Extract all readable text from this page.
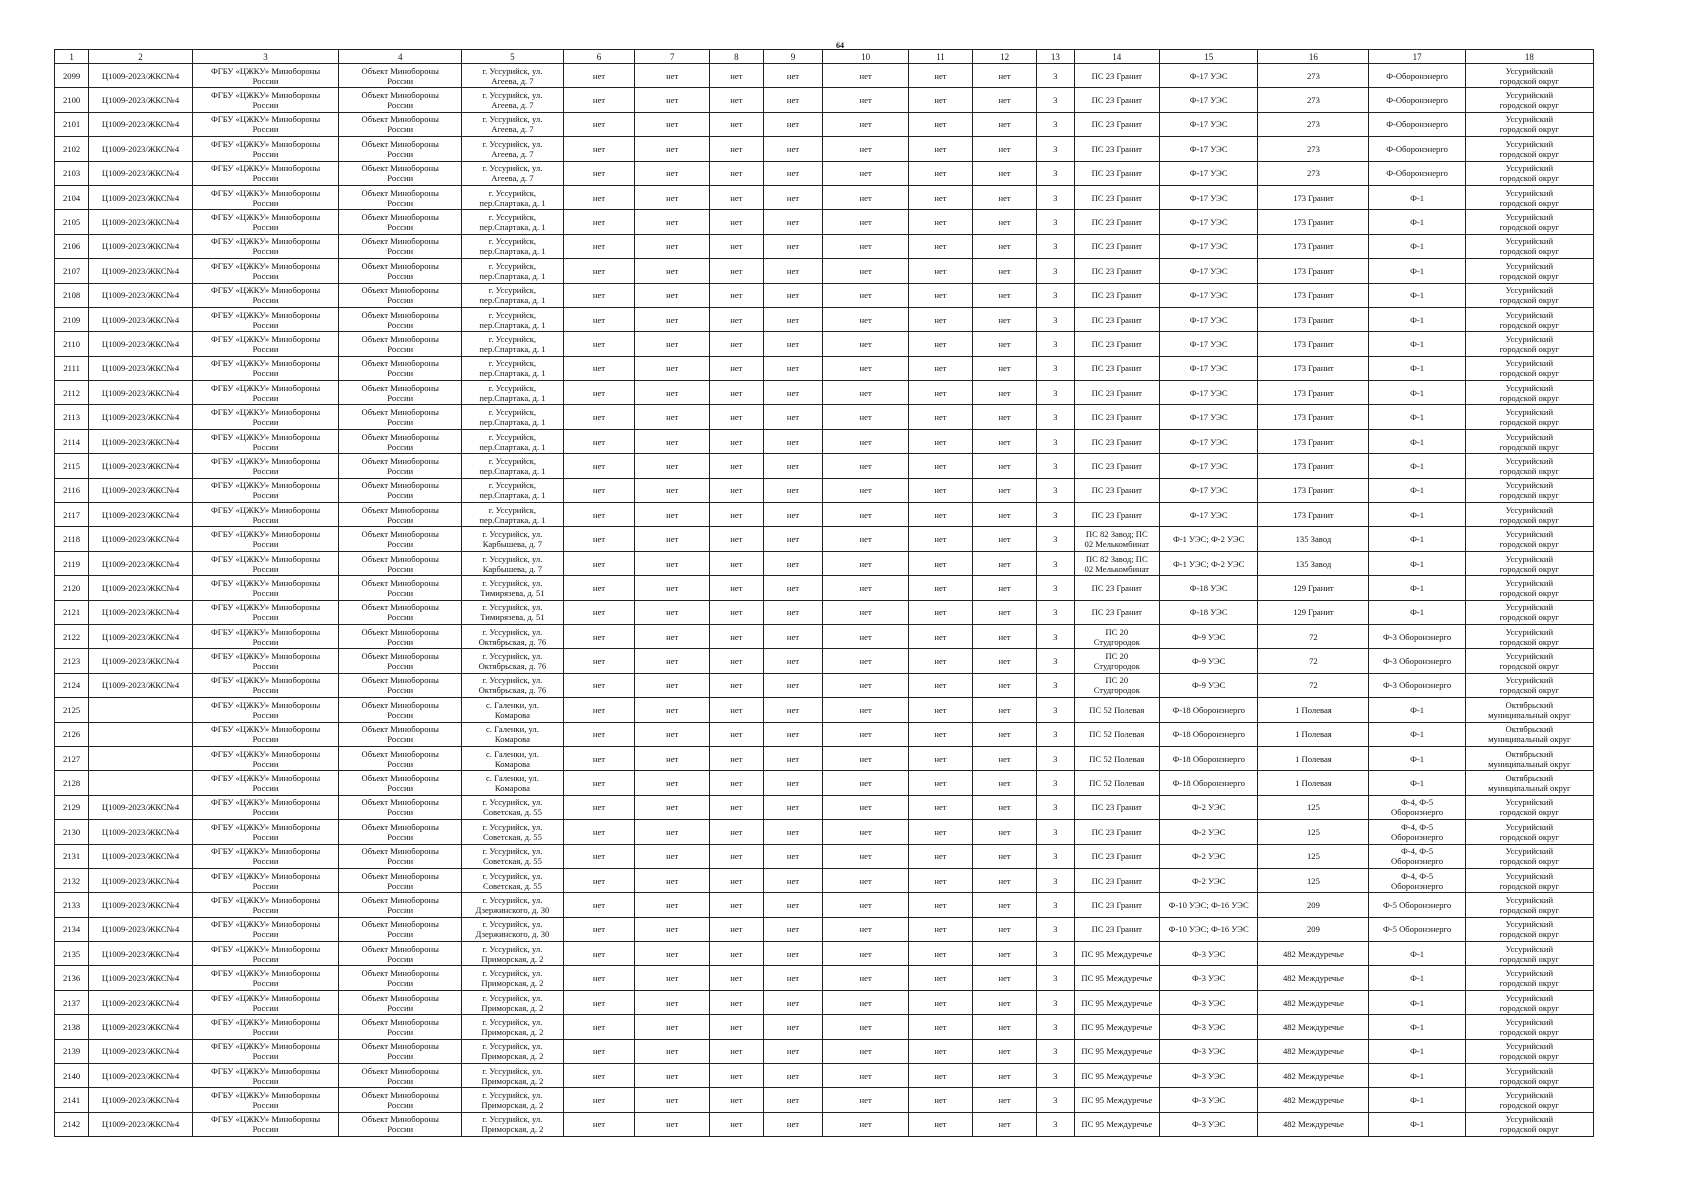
64
1	2	3	4	5	6	7	8	9	10	11	12	13	14	15	16	17	18
2099	Ц1009-2023/ЖКС№4	ФГБУ «ЦЖКУ» Минобороны
России	Объект Минобороны
России	г. Уссурийск, ул.
Агеева, д. 7	нет	нет	нет	нет	нет	нет	нет	3	ПС 23 Гранит	Ф-17 УЭС	273	Ф-Оборонэнерго	Уссурийский
городской округ

2100	Ц1009-2023/ЖКС№4	ФГБУ «ЦЖКУ» Минобороны
России	Объект Минобороны
России	г. Уссурийск, ул.
Агеева, д. 7	нет	нет	нет	нет	нет	нет	нет	3	ПС 23 Гранит	Ф-17 УЭС	273	Ф-Оборонэнерго	Уссурийский
городской округ

2101	Ц1009-2023/ЖКС№4	ФГБУ «ЦЖКУ» Минобороны
России	Объект Минобороны
России	г. Уссурийск, ул.
Агеева, д. 7	нет	нет	нет	нет	нет	нет	нет	3	ПС 23 Гранит	Ф-17 УЭС	273	Ф-Оборонэнерго	Уссурийский
городской округ

2102	Ц1009-2023/ЖКС№4	ФГБУ «ЦЖКУ» Минобороны
России	Объект Минобороны
России	г. Уссурийск, ул.
Агеева, д. 7	нет	нет	нет	нет	нет	нет	нет	3	ПС 23 Гранит	Ф-17 УЭС	273	Ф-Оборонэнерго	Уссурийский
городской округ

2103	Ц1009-2023/ЖКС№4	ФГБУ «ЦЖКУ» Минобороны
России	Объект Минобороны
России	г. Уссурийск, ул.
Агеева, д. 7	нет	нет	нет	нет	нет	нет	нет	3	ПС 23 Гранит	Ф-17 УЭС	273	Ф-Оборонэнерго	Уссурийский
городской округ

2104	Ц1009-2023/ЖКС№4	ФГБУ «ЦЖКУ» Минобороны
России	Объект Минобороны
России	г. Уссурийск,
пер.Спартака, д. 1	нет	нет	нет	нет	нет	нет	нет	3	ПС 23 Гранит	Ф-17 УЭС	173 Гранит	Ф-1	Уссурийский
городской округ

2105	Ц1009-2023/ЖКС№4	ФГБУ «ЦЖКУ» Минобороны
России	Объект Минобороны
России	г. Уссурийск,
пер.Спартака, д. 1	нет	нет	нет	нет	нет	нет	нет	3	ПС 23 Гранит	Ф-17 УЭС	173 Гранит	Ф-1	Уссурийский
городской округ

2106	Ц1009-2023/ЖКС№4	ФГБУ «ЦЖКУ» Минобороны
России	Объект Минобороны
России	г. Уссурийск,
пер.Спартака, д. 1	нет	нет	нет	нет	нет	нет	нет	3	ПС 23 Гранит	Ф-17 УЭС	173 Гранит	Ф-1	Уссурийский
городской округ

2107	Ц1009-2023/ЖКС№4	ФГБУ «ЦЖКУ» Минобороны
России	Объект Минобороны
России	г. Уссурийск,
пер.Спартака, д. 1	нет	нет	нет	нет	нет	нет	нет	3	ПС 23 Гранит	Ф-17 УЭС	173 Гранит	Ф-1	Уссурийский
городской округ

2108	Ц1009-2023/ЖКС№4	ФГБУ «ЦЖКУ» Минобороны
России	Объект Минобороны
России	г. Уссурийск,
пер.Спартака, д. 1	нет	нет	нет	нет	нет	нет	нет	3	ПС 23 Гранит	Ф-17 УЭС	173 Гранит	Ф-1	Уссурийский
городской округ

2109	Ц1009-2023/ЖКС№4	ФГБУ «ЦЖКУ» Минобороны
России	Объект Минобороны
России	г. Уссурийск,
пер.Спартака, д. 1	нет	нет	нет	нет	нет	нет	нет	3	ПС 23 Гранит	Ф-17 УЭС	173 Гранит	Ф-1	Уссурийский
городской округ

2110	Ц1009-2023/ЖКС№4	ФГБУ «ЦЖКУ» Минобороны
России	Объект Минобороны
России	г. Уссурийск,
пер.Спартака, д. 1	нет	нет	нет	нет	нет	нет	нет	3	ПС 23 Гранит	Ф-17 УЭС	173 Гранит	Ф-1	Уссурийский
городской округ

2111	Ц1009-2023/ЖКС№4	ФГБУ «ЦЖКУ» Минобороны
России	Объект Минобороны
России	г. Уссурийск,
пер.Спартака, д. 1	нет	нет	нет	нет	нет	нет	нет	3	ПС 23 Гранит	Ф-17 УЭС	173 Гранит	Ф-1	Уссурийский
городской округ

2112	Ц1009-2023/ЖКС№4	ФГБУ «ЦЖКУ» Минобороны
России	Объект Минобороны
России	г. Уссурийск,
пер.Спартака, д. 1	нет	нет	нет	нет	нет	нет	нет	3	ПС 23 Гранит	Ф-17 УЭС	173 Гранит	Ф-1	Уссурийский
городской округ

2113	Ц1009-2023/ЖКС№4	ФГБУ «ЦЖКУ» Минобороны
России	Объект Минобороны
России	г. Уссурийск,
пер.Спартака, д. 1	нет	нет	нет	нет	нет	нет	нет	3	ПС 23 Гранит	Ф-17 УЭС	173 Гранит	Ф-1	Уссурийский
городской округ

2114	Ц1009-2023/ЖКС№4	ФГБУ «ЦЖКУ» Минобороны
России	Объект Минобороны
России	г. Уссурийск,
пер.Спартака, д. 1	нет	нет	нет	нет	нет	нет	нет	3	ПС 23 Гранит	Ф-17 УЭС	173 Гранит	Ф-1	Уссурийский
городской округ

2115	Ц1009-2023/ЖКС№4	ФГБУ «ЦЖКУ» Минобороны
России	Объект Минобороны
России	г. Уссурийск,
пер.Спартака, д. 1	нет	нет	нет	нет	нет	нет	нет	3	ПС 23 Гранит	Ф-17 УЭС	173 Гранит	Ф-1	Уссурийский
городской округ

2116	Ц1009-2023/ЖКС№4	ФГБУ «ЦЖКУ» Минобороны
России	Объект Минобороны
России	г. Уссурийск,
пер.Спартака, д. 1	нет	нет	нет	нет	нет	нет	нет	3	ПС 23 Гранит	Ф-17 УЭС	173 Гранит	Ф-1	Уссурийский
городской округ

2117	Ц1009-2023/ЖКС№4	ФГБУ «ЦЖКУ» Минобороны
России	Объект Минобороны
России	г. Уссурийск,
пер.Спартака, д. 1	нет	нет	нет	нет	нет	нет	нет	3	ПС 23 Гранит	Ф-17 УЭС	173 Гранит	Ф-1	Уссурийский
городской округ

2118	Ц1009-2023/ЖКС№4	ФГБУ «ЦЖКУ» Минобороны
России	Объект Минобороны
России	г. Уссурийск, ул.
Карбышева, д. 7	нет	нет	нет	нет	нет	нет	нет	3	ПС 82 Завод; ПС
02 Мелькомбинат	Ф-1 УЭС; Ф-2 УЭС	135 Завод	Ф-1	Уссурийский
городской округ

2119	Ц1009-2023/ЖКС№4	ФГБУ «ЦЖКУ» Минобороны
России	Объект Минобороны
России	г. Уссурийск, ул.
Карбышева, д. 7	нет	нет	нет	нет	нет	нет	нет	3	ПС 82 Завод; ПС
02 Мелькомбинат	Ф-1 УЭС; Ф-2 УЭС	135 Завод	Ф-1	Уссурийский
городской округ

2120	Ц1009-2023/ЖКС№4	ФГБУ «ЦЖКУ» Минобороны
России	Объект Минобороны
России	г. Уссурийск, ул.
Тимирязева, д. 51	нет	нет	нет	нет	нет	нет	нет	3	ПС 23 Гранит	Ф-18 УЭС	129 Гранит	Ф-1	Уссурийский
городской округ

2121	Ц1009-2023/ЖКС№4	ФГБУ «ЦЖКУ» Минобороны
России	Объект Минобороны
России	г. Уссурийск, ул.
Тимирязева, д. 51	нет	нет	нет	нет	нет	нет	нет	3	ПС 23 Гранит	Ф-18 УЭС	129 Гранит	Ф-1	Уссурийский
городской округ

2122	Ц1009-2023/ЖКС№4	ФГБУ «ЦЖКУ» Минобороны
России	Объект Минобороны
России	г. Уссурийск, ул.
Октябрьская, д. 76	нет	нет	нет	нет	нет	нет	нет	3	ПС 20
Студгородок	Ф-9 УЭС	72	Ф-3 Оборонэнерго	Уссурийский
городской округ

2123	Ц1009-2023/ЖКС№4	ФГБУ «ЦЖКУ» Минобороны
России	Объект Минобороны
России	г. Уссурийск, ул.
Октябрьская, д. 76	нет	нет	нет	нет	нет	нет	нет	3	ПС 20
Студгородок	Ф-9 УЭС	72	Ф-3 Оборонэнерго	Уссурийский
городской округ

2124	Ц1009-2023/ЖКС№4	ФГБУ «ЦЖКУ» Минобороны
России	Объект Минобороны
России	г. Уссурийск, ул.
Октябрьская, д. 76	нет	нет	нет	нет	нет	нет	нет	3	ПС 20
Студгородок	Ф-9 УЭС	72	Ф-3 Оборонэнерго	Уссурийский
городской округ

2125		ФГБУ «ЦЖКУ» Минобороны
России	Объект Минобороны
России	с. Галенки, ул.
Комарова	нет	нет	нет	нет	нет	нет	нет	3	ПС 52 Полевая	Ф-18 Оборонэнерго	1 Полевая	Ф-1	Октябрьский
муниципальный округ

2126		ФГБУ «ЦЖКУ» Минобороны
России	Объект Минобороны
России	с. Галенки, ул.
Комарова	нет	нет	нет	нет	нет	нет	нет	3	ПС 52 Полевая	Ф-18 Оборонэнерго	1 Полевая	Ф-1	Октябрьский
муниципальный округ

2127		ФГБУ «ЦЖКУ» Минобороны
России	Объект Минобороны
России	с. Галенки, ул.
Комарова	нет	нет	нет	нет	нет	нет	нет	3	ПС 52 Полевая	Ф-18 Оборонэнерго	1 Полевая	Ф-1	Октябрьский
муниципальный округ

2128		ФГБУ «ЦЖКУ» Минобороны
России	Объект Минобороны
России	с. Галенки, ул.
Комарова	нет	нет	нет	нет	нет	нет	нет	3	ПС 52 Полевая	Ф-18 Оборонэнерго	1 Полевая	Ф-1	Октябрьский
муниципальный округ

2129	Ц1009-2023/ЖКС№4	ФГБУ «ЦЖКУ» Минобороны
России	Объект Минобороны
России	г. Уссурийск, ул.
Советская, д. 55	нет	нет	нет	нет	нет	нет	нет	3	ПС 23 Гранит	Ф-2 УЭС	125	Ф-4, Ф-5
Оборонэнерго	Уссурийский
городской округ

2130	Ц1009-2023/ЖКС№4	ФГБУ «ЦЖКУ» Минобороны
России	Объект Минобороны
России	г. Уссурийск, ул.
Советская, д. 55	нет	нет	нет	нет	нет	нет	нет	3	ПС 23 Гранит	Ф-2 УЭС	125	Ф-4, Ф-5
Оборонэнерго	Уссурийский
городской округ

2131	Ц1009-2023/ЖКС№4	ФГБУ «ЦЖКУ» Минобороны
России	Объект Минобороны
России	г. Уссурийск, ул.
Советская, д. 55	нет	нет	нет	нет	нет	нет	нет	3	ПС 23 Гранит	Ф-2 УЭС	125	Ф-4, Ф-5
Оборонэнерго	Уссурийский
городской округ

2132	Ц1009-2023/ЖКС№4	ФГБУ «ЦЖКУ» Минобороны
России	Объект Минобороны
России	г. Уссурийск, ул.
Советская, д. 55	нет	нет	нет	нет	нет	нет	нет	3	ПС 23 Гранит	Ф-2 УЭС	125	Ф-4, Ф-5
Оборонэнерго	Уссурийский
городской округ

2133	Ц1009-2023/ЖКС№4	ФГБУ «ЦЖКУ» Минобороны
России	Объект Минобороны
России	г. Уссурийск, ул.
Дзержинского, д. 30	нет	нет	нет	нет	нет	нет	нет	3	ПС 23 Гранит	Ф-10 УЭС; Ф-16 УЭС	209	Ф-5 Оборонэнерго	Уссурийский
городской округ

2134	Ц1009-2023/ЖКС№4	ФГБУ «ЦЖКУ» Минобороны
России	Объект Минобороны
России	г. Уссурийск, ул.
Дзержинского, д. 30	нет	нет	нет	нет	нет	нет	нет	3	ПС 23 Гранит	Ф-10 УЭС; Ф-16 УЭС	209	Ф-5 Оборонэнерго	Уссурийский
городской округ

2135	Ц1009-2023/ЖКС№4	ФГБУ «ЦЖКУ» Минобороны
России	Объект Минобороны
России	г. Уссурийск, ул.
Приморская, д. 2	нет	нет	нет	нет	нет	нет	нет	3	ПС 95 Междуречье	Ф-3 УЭС	482 Междуречье	Ф-1	Уссурийский
городской округ

2136	Ц1009-2023/ЖКС№4	ФГБУ «ЦЖКУ» Минобороны
России	Объект Минобороны
России	г. Уссурийск, ул.
Приморская, д. 2	нет	нет	нет	нет	нет	нет	нет	3	ПС 95 Междуречье	Ф-3 УЭС	482 Междуречье	Ф-1	Уссурийский
городской округ

2137	Ц1009-2023/ЖКС№4	ФГБУ «ЦЖКУ» Минобороны
России	Объект Минобороны
России	г. Уссурийск, ул.
Приморская, д. 2	нет	нет	нет	нет	нет	нет	нет	3	ПС 95 Междуречье	Ф-3 УЭС	482 Междуречье	Ф-1	Уссурийский
городской округ

2138	Ц1009-2023/ЖКС№4	ФГБУ «ЦЖКУ» Минобороны
России	Объект Минобороны
России	г. Уссурийск, ул.
Приморская, д. 2	нет	нет	нет	нет	нет	нет	нет	3	ПС 95 Междуречье	Ф-3 УЭС	482 Междуречье	Ф-1	Уссурийский
городской округ

2139	Ц1009-2023/ЖКС№4	ФГБУ «ЦЖКУ» Минобороны
России	Объект Минобороны
России	г. Уссурийск, ул.
Приморская, д. 2	нет	нет	нет	нет	нет	нет	нет	3	ПС 95 Междуречье	Ф-3 УЭС	482 Междуречье	Ф-1	Уссурийский
городской округ

2140	Ц1009-2023/ЖКС№4	ФГБУ «ЦЖКУ» Минобороны
России	Объект Минобороны
России	г. Уссурийск, ул.
Приморская, д. 2	нет	нет	нет	нет	нет	нет	нет	3	ПС 95 Междуречье	Ф-3 УЭС	482 Междуречье	Ф-1	Уссурийский
городской округ

2141	Ц1009-2023/ЖКС№4	ФГБУ «ЦЖКУ» Минобороны
России	Объект Минобороны
России	г. Уссурийск, ул.
Приморская, д. 2	нет	нет	нет	нет	нет	нет	нет	3	ПС 95 Междуречье	Ф-3 УЭС	482 Междуречье	Ф-1	Уссурийский
городской округ

2142	Ц1009-2023/ЖКС№4	ФГБУ «ЦЖКУ» Минобороны
России	Объект Минобороны
России	г. Уссурийск, ул.
Приморская, д. 2	нет	нет	нет	нет	нет	нет	нет	3	ПС 95 Междуречье	Ф-3 УЭС	482 Междуречье	Ф-1	Уссурийский
городской округ
